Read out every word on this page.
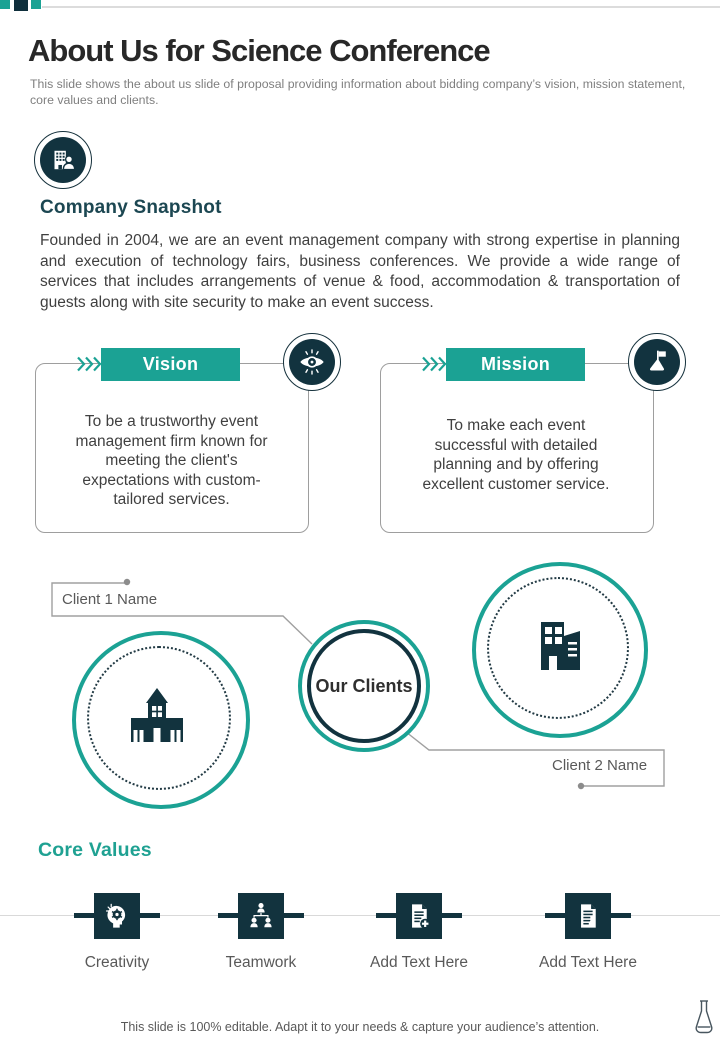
About Us for Science Conference
This slide shows the about us slide of proposal providing information about bidding company’s vision, mission statement,
core values and clients.
Company Snapshot
Founded in 2004, we are an event management company with strong expertise in planning and execution of technology fairs, business conferences. We provide a wide range of services that includes arrangements of venue & food, accommodation & transportation of guests along with site security to make an event success.
Vision
To be a trustworthy event management firm known for meeting the client's expectations with custom-tailored services.
Mission
To make each event successful with detailed planning and by offering excellent customer service.
Client 1 Name
Client 2 Name
Our Clients
Core Values
Creativity	Teamwork	Add Text Here	Add Text Here
This slide is 100% editable. Adapt it to your needs & capture your audience’s attention.
